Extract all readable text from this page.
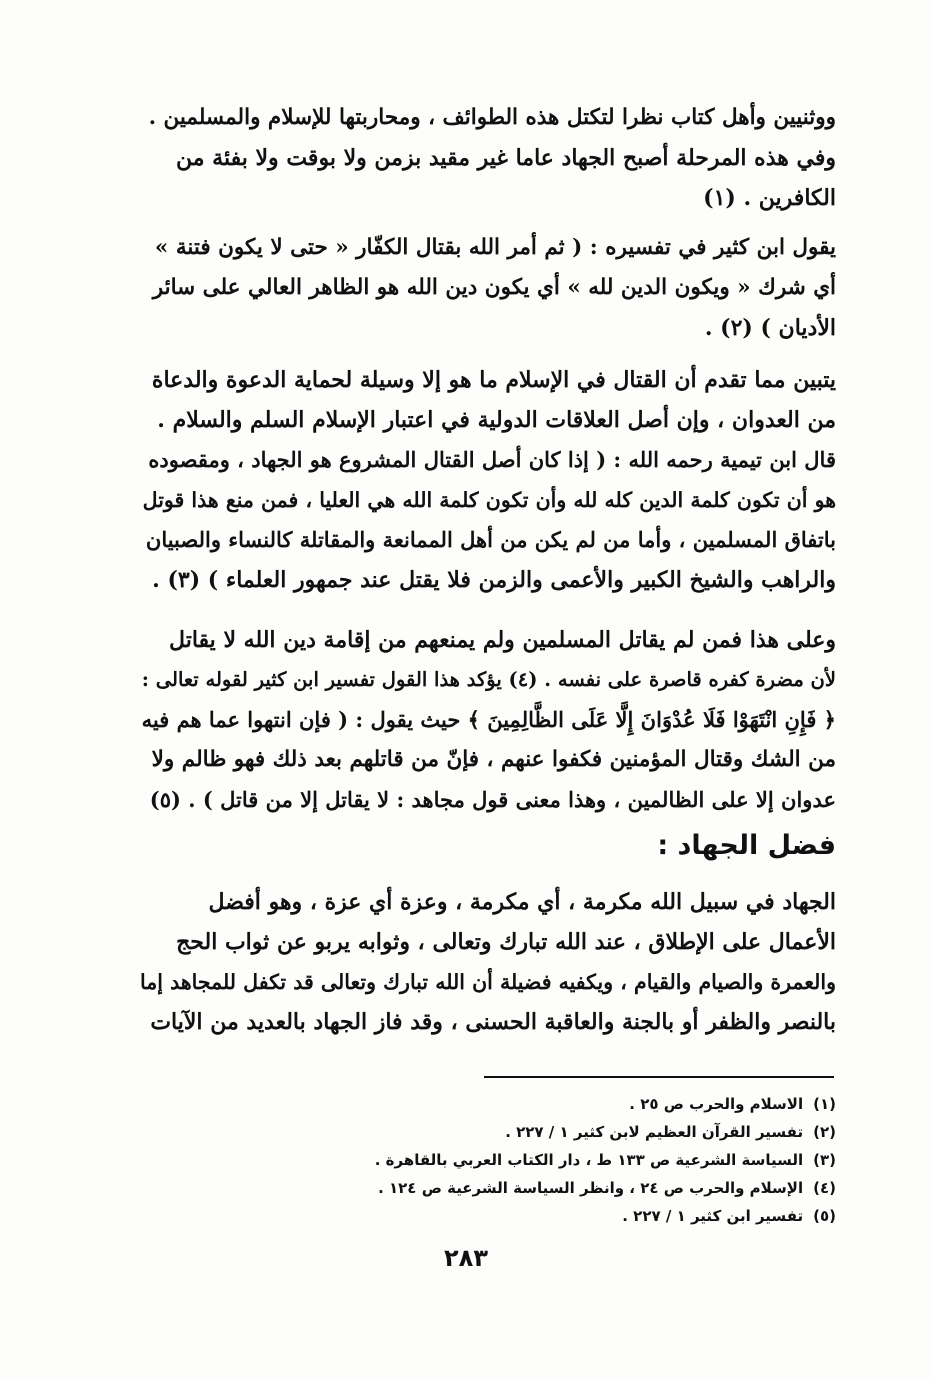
ووثنيين وأهل كتاب نظرا لتكتل هذه الطوائف ، ومحاربتها للإسلام والمسلمين .
وفي هذه المرحلة أصبح الجهاد عاما غير مقيد بزمن ولا بوقت ولا بفئة من
الكافرين . (١)
يقول ابن كثير في تفسيره : ( ثم أمر الله بقتال الكفّار « حتى لا يكون فتنة »
أي شرك « ويكون الدين لله » أي يكون دين الله هو الظاهر العالي على سائر
الأديان ) (٢) .
يتبين مما تقدم أن القتال في الإسلام ما هو إلا وسيلة لحماية الدعوة والدعاة
من العدوان ، وإن أصل العلاقات الدولية في اعتبار الإسلام السلم والسلام .
قال ابن تيمية رحمه الله : ( إذا كان أصل القتال المشروع هو الجهاد ، ومقصوده
هو أن تكون كلمة الدين كله لله وأن تكون كلمة الله هي العليا ، فمن منع هذا قوتل
باتفاق المسلمين ، وأما من لم يكن من أهل الممانعة والمقاتلة كالنساء والصبيان
والراهب والشيخ الكبير والأعمى والزمن فلا يقتل عند جمهور العلماء ) (٣) .
وعلى هذا فمن لم يقاتل المسلمين ولم يمنعهم من إقامة دين الله لا يقاتل
لأن مضرة كفره قاصرة على نفسه . (٤) يؤكد هذا القول تفسير ابن كثير لقوله تعالى :
﴿ فَإِنِ انْتَهَوْا فَلَا عُدْوَانَ إِلَّا عَلَى الظَّالِمِينَ ﴾ حيث يقول : ( فإن انتهوا عما هم فيه
من الشك وقتال المؤمنين فكفوا عنهم ، فإنّ من قاتلهم بعد ذلك فهو ظالم ولا
عدوان إلا على الظالمين ، وهذا معنى قول مجاهد : لا يقاتل إلا من قاتل ) . (٥)
فضل الجهاد :
الجهاد في سبيل الله مكرمة ، أي مكرمة ، وعزة أي عزة ، وهو أفضل
الأعمال على الإطلاق ، عند الله تبارك وتعالى ، وثوابه يربو عن ثواب الحج
والعمرة والصيام والقيام ، ويكفيه فضيلة أن الله تبارك وتعالى قد تكفل للمجاهد إما
بالنصر والظفر أو بالجنة والعاقبة الحسنى ، وقد فاز الجهاد بالعديد من الآيات
(١)الاسلام والحرب ص ٢٥ .
(٢)تفسير القرآن العظيم لابن كثير ١ / ٢٢٧ .
(٣)السياسة الشرعية ص ١٣٣ ط ، دار الكتاب العربي بالقاهرة .
(٤)الإسلام والحرب ص ٢٤ ، وانظر السياسة الشرعية ص ١٢٤ .
(٥)تفسير ابن كثير ١ / ٢٢٧ .
٢٨٣
